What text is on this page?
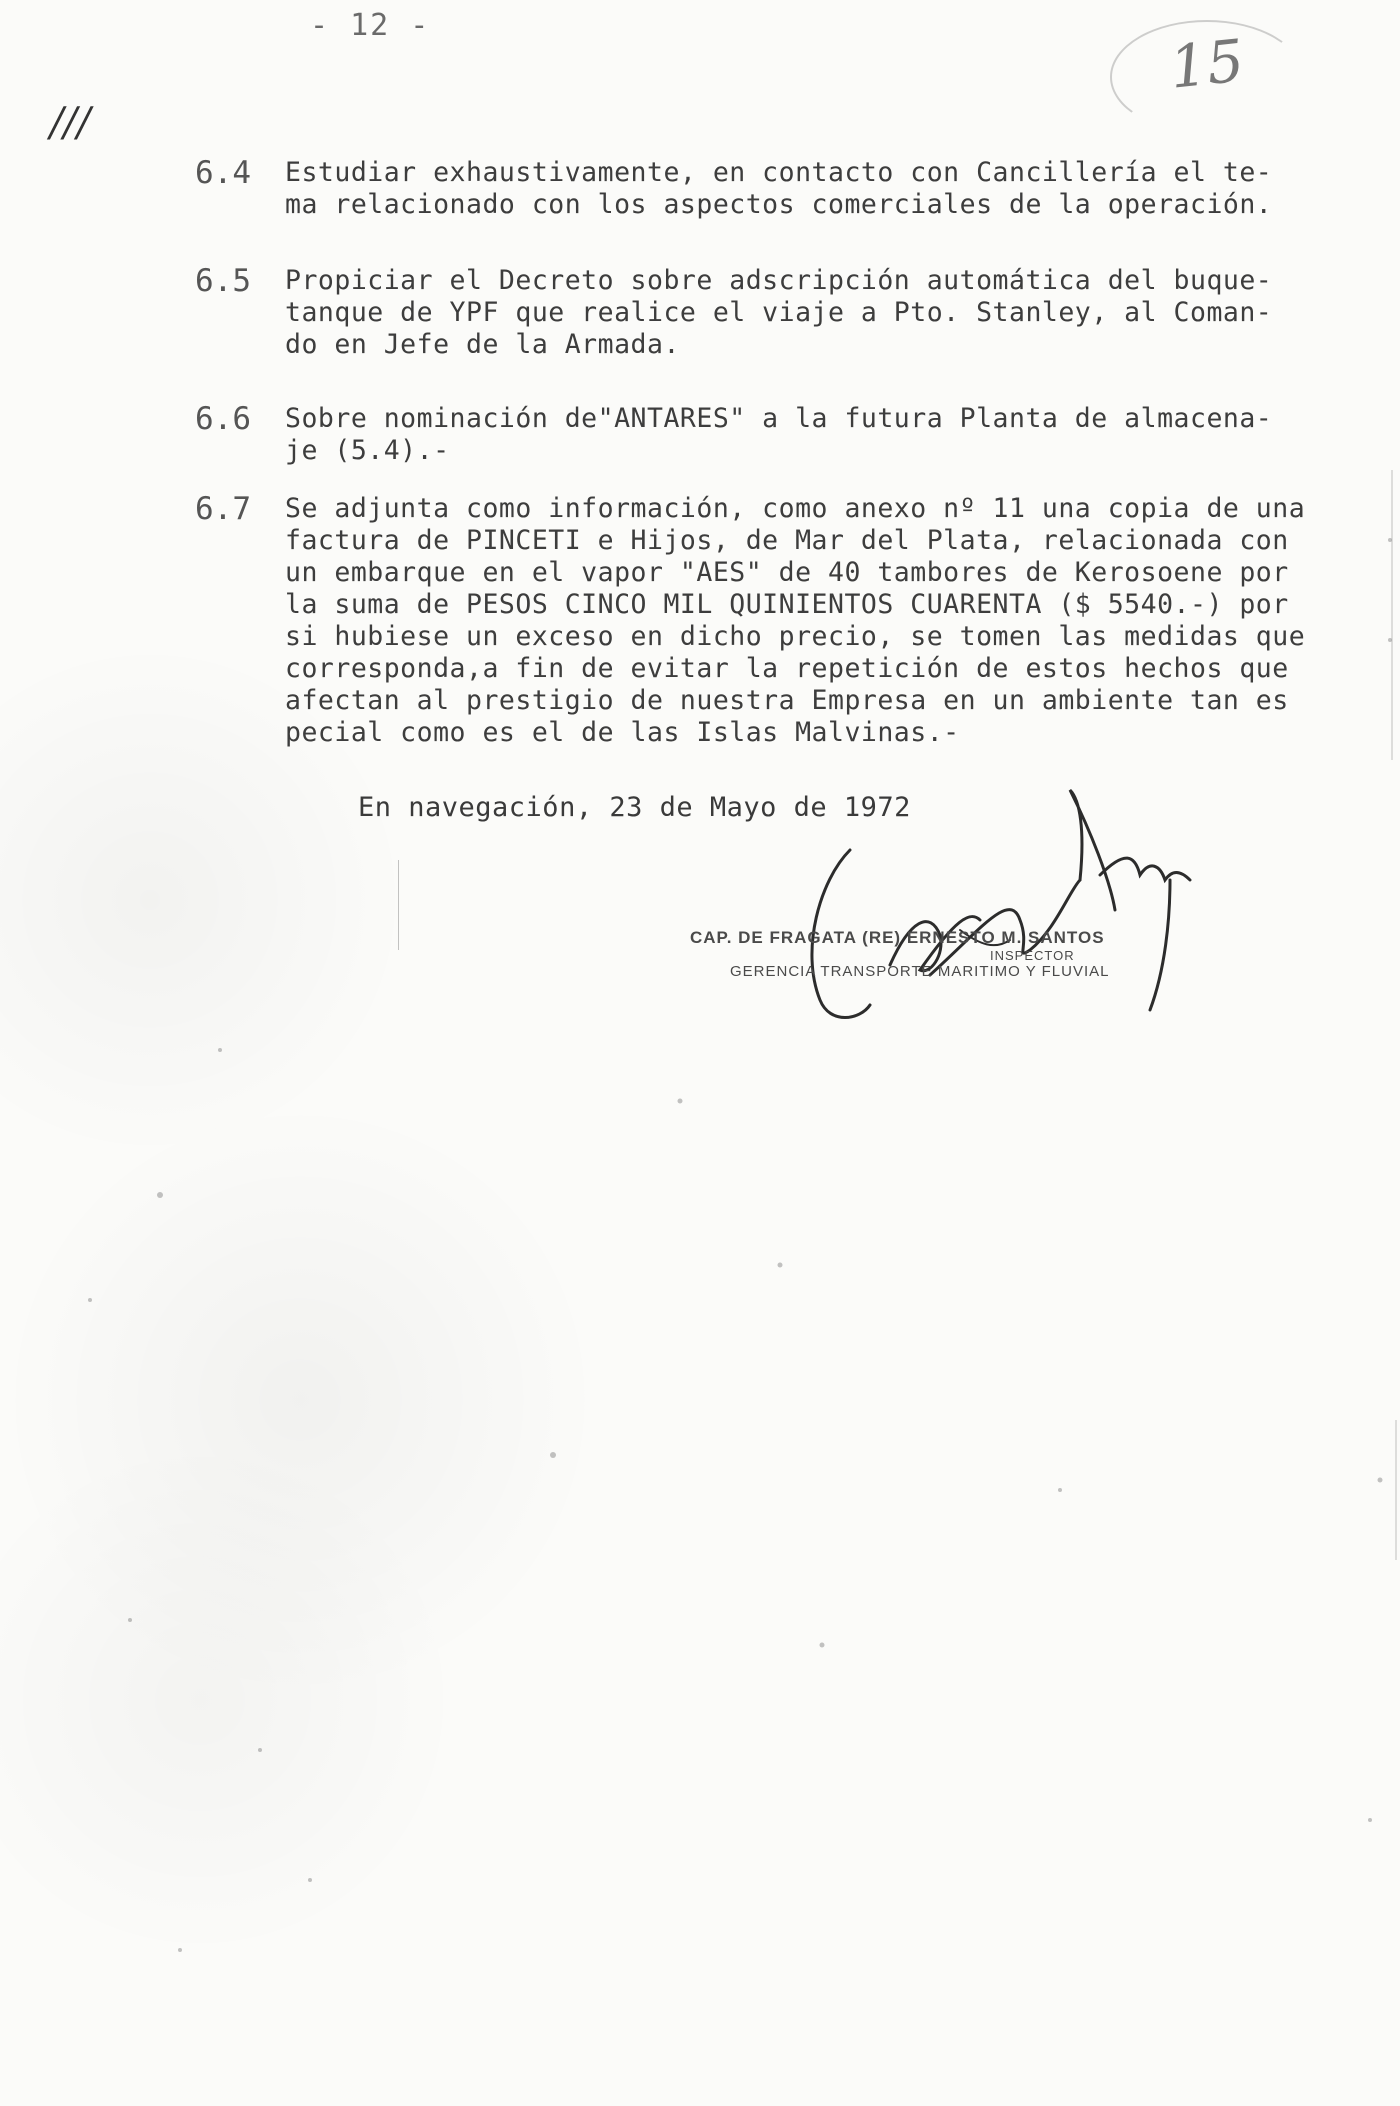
- 12 -
///
15
6.4 Estudiar exhaustivamente, en contacto con Cancillería el te-
ma relacionado con los aspectos comerciales de la operación.
6.5 Propiciar el Decreto sobre adscripción automática del buque-
tanque de YPF que realice el viaje a Pto. Stanley, al Coman-
do en Jefe de la Armada.
6.6 Sobre nominación de"ANTARES" a la futura Planta de almacena-
je (5.4).-
6.7 Se adjunta como información, como anexo nº 11 una copia de una
factura de PINCETI e Hijos, de Mar del Plata, relacionada con
un embarque en el vapor "AES" de 40 tambores de Kerosoene por
la suma de PESOS CINCO MIL QUINIENTOS CUARENTA ($ 5540.-) por
si hubiese un exceso en dicho precio, se tomen las medidas que
corresponda,a fin de evitar la repetición de estos hechos que
afectan al prestigio de nuestra Empresa en un ambiente tan es
pecial como es el de las Islas Malvinas.-
En navegación, 23 de Mayo de 1972
CAP. DE FRAGATA (RE) ERNESTO M. SANTOS
INSPECTOR
GERENCIA TRANSPORTE MARITIMO Y FLUVIAL
